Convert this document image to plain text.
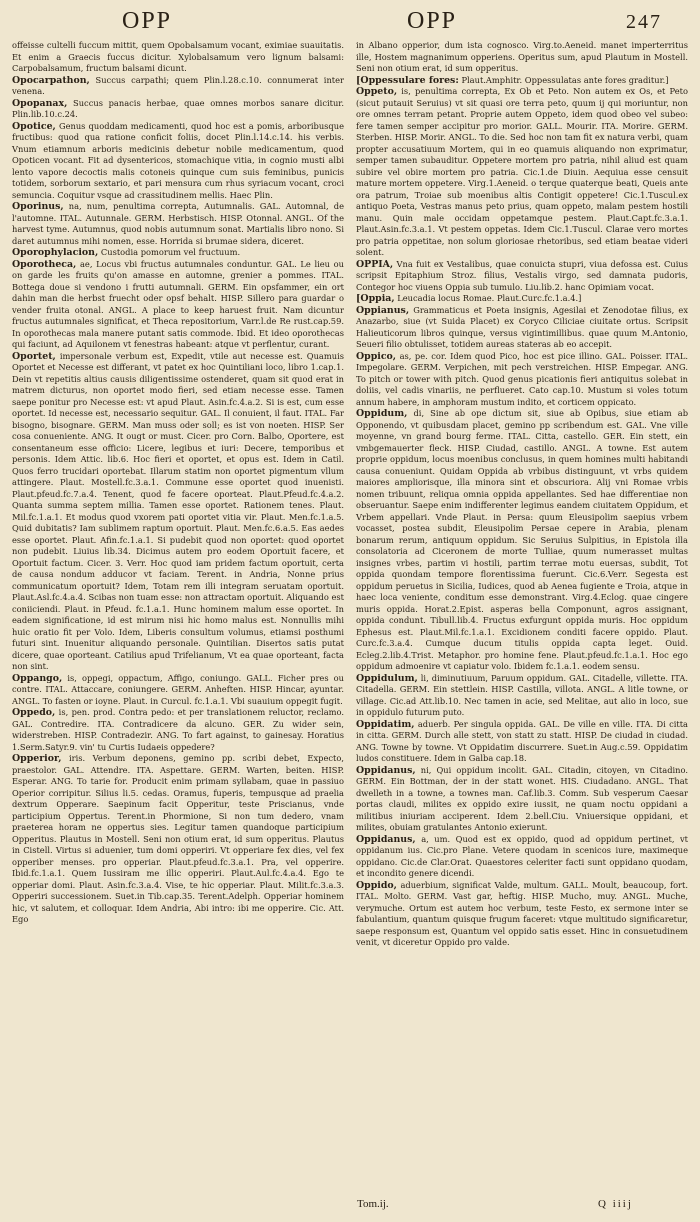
OPP	OPP	247

offeisse cultelli fuccum mittit, quem Opobalsamum vocant, eximiae suauitatis. Et enim a Graecis fuccus dicitur. Xylobalsamum vero lignum balsami: Carpobalsamum, fructum balsami dicunt.

Opocarpathon, Succus carpathi; quem Plin.l.28.c.10. connumerat inter venena.

Opopanax, Succus panacis herbae, quae omnes morbos sanare dicitur. Plin.lib.10.c.24.

Opotice, Genus quoddam medicamenti, quod hoc est a pomis, arboribusque fructibus: quod qua ratione conficit foliis, docet Plin.l.14.c.14. his verbis. Vnum etiamnum arboris medicinis debetur nobile medicamentum, quod Opoticen vocant. Fit ad dysentericos, stomachique vitia, in cognio musti albi lento vapore decoctis malis cotoneis quinque cum suis feminibus, punicis totidem, sorborum sextario, et pari mensura cum rhus syriacum vocant, croci semuncia. Coquitur vsque ad crassitudinem mellis. Haec Plin.

Oporinus, na, num, penultima correpta, Autumnalis. GAL. Automnal, de l'automne. ITAL. Autunnale. GERM. Herbstisch. HISP. Otonnal. ANGL. Of the harvest tyme. Autumnus, quod nobis autumnum sonat. Martialis libro nono. Si daret autumnus mihi nomen, esse. Horrida si brumae sidera, diceret.

Oporophylacion, Custodia pomorum vel fructuum.

Oporotheca, ae, Locus vbi fructus autumnales conduntur. GAL. Le lieu ou on garde les fruits qu'on amasse en automne, grenier a pommes. ITAL. Bottega doue si vendono i frutti autumnali. GERM. Ein opsfammer, ein ort dahin man die herbst fruecht oder opsf behalt. HISP. Sillero para guardar o vender fruita otonal. ANGL. A place to keep haruest fruit. Nam dicuntur fructus autumnales significat, et Theca repositorium, Varr.l.de Re rust.cap.59. In oporothecas mala manere putant satis commode. Ibid. Et ideo oporothecas qui faciunt, ad Aquilonem vt fenestras habeant: atque vt perflentur, curant.

Oportet, impersonale verbum est, Expedit, vtile aut necesse est. Quamuis Oportet et Necesse est differant, vt patet ex hoc Quintiliani loco, libro 1.cap.1. Dein vt repetitis altius causis diligentissime ostenderet, quam sit quod erat in matrem dicturus, non oportet modo fieri, sed etiam necesse esse. Tamen saepe ponitur pro Necesse est: vt apud Plaut. Asin.fc.4.a.2. Si is est, cum esse oportet. Id necesse est, necessario sequitur. GAL. Il conuient, il faut. ITAL. Far bisogno, bisognare. GERM. Man muss oder soll; es ist von noeten. HISP. Ser cosa conueniente. ANG. It ougt or must. Cicer. pro Corn. Balbo, Oportere, est consentaneum esse officio: Licere, legibus et iuri: Decere, temporibus et personis. Idem Attic. lib.6. Hoc fieri et oportet, et opus est. Idem in Catil. Quos ferro trucidari oportebat. Illarum statim non oportet pigmentum vllum attingere. Plaut. Mostell.fc.3.a.1. Commune esse oportet quod inuenisti. Plaut.pfeud.fc.7.a.4. Tenent, quod fe facere oporteat. Plaut.Pfeud.fc.4.a.2. Quanta summa septem millia. Tamen esse oportet. Rationem tenes. Plaut. Mil.fc.1.a.1. Et modus quod vxorem pati oportet vitia vir. Plaut. Men.fc.1.a.5. Quid dubitatis? Iam sublimem raptum oportuit. Plaut. Men.fc.6.a.5. Eas aedes esse oportet. Plaut. Afin.fc.1.a.1. Si pudebit quod non oportet: quod oportet non pudebit. Liuius lib.34. Dicimus autem pro eodem Oportuit facere, et Oportuit factum. Cicer. 3. Verr. Hoc quod iam pridem factum oportuit, certa de causa nondum adducor vt faciam. Terent. in Andria, Nonne prius communicatum oportuit? Idem, Totam rem illi integram seruatam oportuit. Plaut.Asl.fc.4.a.4. Scibas non tuam esse: non attractam oportuit. Aliquando est coniiciendi. Plaut. in Pfeud. fc.1.a.1. Hunc hominem malum esse oportet. In eadem significatione, id est mirum nisi hic homo malus est. Nonnullis mihi huic oratio fit per Volo. Idem, Liberis consultum volumus, etiamsi posthumi futuri sint. Inuenitur aliquando personale. Quintilian. Disertos satis putat dicere, quae oporteant. Catilius apud Trifelianum, Vt ea quae oporteant, facta non sint.

Oppango, is, oppegi, oppactum, Affigo, coniungo. GALL. Ficher pres ou contre. ITAL. Attaccare, coniungere. GERM. Anheften. HISP. Hincar, ayuntar. ANGL. To fasten or ioyne. Plaut. in Curcul. fc.1.a.1. Vbi suauium oppegit fugit.

Oppedo, is, pen. prod. Contra pedo: et per translationem reluctor, reclamo. GAL. Contredire. ITA. Contradicere da alcuno. GER. Zu wider sein, widerstreben. HISP. Contradezir. ANG. To fart against, to gainesay. Horatius 1.Serm.Satyr.9. vin' tu Curtis Iudaeis oppedere?

Opperior, iris. Verbum deponens, gemino pp. scribi debet, Expecto, praestolor. GAL. Attendre. ITA. Aspettare. GERM. Warten, beiten. HISP. Esperar. ANG. To tarie for. Producit enim primam syllabam, quae in passiuo Operior corripitur. Silius li.5. cedas. Oramus, fuperis, tempusque ad praelia dextrum Opperare. Saepinum facit Opperitur, teste Priscianus, vnde participium Oppertus. Terent.in Phormione, Si non tum dedero, vnam praeterea horam ne oppertus sies. Legitur tamen quandoque participium Opperitus. Plautus in Mostell. Seni non otium erat, id sum opperitus. Plautus in Cistell. Virtus si aduenier, tum domi opperiri. Vt opperiare fex dies, vel fex opperiber menses. pro opperiar. Plaut.pfeud.fc.3.a.1. Pra, vel opperire. Ibid.fc.1.a.1. Quem Iussiram me illic opperiri. Plaut.Aul.fc.4.a.4. Ego te opperiar domi. Plaut. Asin.fc.3.a.4. Vise, te hic opperiar. Plaut. Milit.fc.3.a.3. Opperiri successionem. Suet.in Tib.cap.35. Terent.Adelph. Opperiar hominem hic, vt salutem, et colloquar. Idem Andria, Abi intro: ibi me opperire. Cic. Att. Ego

in Albano opperior, dum ista cognosco. Virg.to.Aeneid. manet imperterritus ille, Hostem magnanimum opperiens. Operitus sum, apud Plautum in Mostell. Seni non otium erat, id sum opperitus.

[Oppessulare fores: Plaut.Amphitr. Oppessulatas ante fores graditur.]

Oppeto, is, penultima correpta, Ex Ob et Peto. Non autem ex Os, et Peto (sicut putauit Seruius) vt sit quasi ore terra peto, quum ij qui moriuntur, non ore omnes terram petant. Proprie autem Oppeto, idem quod obeo vel subeo: fere tamen semper accipitur pro morior. GALL. Mourir. ITA. Morire. GERM. Sterben. HISP. Morir. ANGL. To die. Sed hoc non tam fit ex natura verbi, quam propter accusatiuum Mortem, qui in eo quamuis aliquando non exprimatur, semper tamen subauditur. Oppetere mortem pro patria, nihil aliud est quam subire vel obire mortem pro patria. Cic.1.de Diuin. Aequiua esse censuit mature mortem oppetere. Virg.1.Aeneid. o terque quaterque beati, Queis ante ora patrum, Troiae sub moenibus altis Contigit oppetere! Cic.1.Tuscul.ex antiquo Poeta, Vestras manus peto prius, quam oppeto, malam pestem hostili manu. Quin male occidam oppetamque pestem. Plaut.Capt.fc.3.a.1. Plaut.Asin.fc.3.a.1. Vt pestem oppetas. Idem Cic.1.Tuscul. Clarae vero mortes pro patria oppetitae, non solum gloriosae rhetoribus, sed etiam beatae videri solent.

OPPIA, Vna fuit ex Vestalibus, quae conuicta stupri, viua defossa est. Cuius scripsit Epitaphium Stroz. filius, Vestalis virgo, sed damnata pudoris, Contegor hoc viuens Oppia sub tumulo. Liu.lib.2. hanc Opimiam vocat.

[Oppia, Leucadia locus Romae. Plaut.Curc.fc.1.a.4.]

Oppianus, Grammaticus et Poeta insignis, Agesilai et Zenodotae filius, ex Anazarbo, siue (vt Suida Placet) ex Coryco Ciliciae ciuitate ortus. Scripsit Halieuticorum libros quinque, versus vigintimillibus. quae quum M.Antonio, Seueri filio obtulisset, totidem aureas stateras ab eo accepit.

Oppico, as, pe. cor. Idem quod Pico, hoc est pice illino. GAL. Poisser. ITAL. Impegolare. GERM. Verpichen, mit pech verstreichen. HISP. Empegar. ANG. To pitch or tower with pitch. Quod genus picationis fieri antiquitus solebat in doliis, vel cadis vinariis, ne perflueret. Cato cap.10. Mustum si voles totum annum habere, in amphoram mustum indito, et corticem oppicato.

Oppidum, di, Sine ab ope dictum sit, siue ab Opibus, siue etiam ab Opponendo, vt quibusdam placet, gemino pp scribendum est. GAL. Vne ville moyenne, vn grand bourg ferme. ITAL. Citta, castello. GER. Ein stett, ein vmbgemauerter fleck. HISP. Ciudad, castillo. ANGL. A towne. Est autem proprie oppidum, locus moenibus conclusus, in quem homines multi habitandi causa conueniunt. Quidam Oppida ab vrbibus distinguunt, vt vrbs quidem maiores ampliorisque, illa minora sint et obscuriora. Alij vni Romae vrbis nomen tribuunt, reliqua omnia oppida appellantes. Sed hae differentiae non obseruantur. Saepe enim indifferenter legimus eandem ciuitatem Oppidum, et Vrbem appellari. Vnde Plaut. in Persa: quum Eleusipolim saepius vrbem vocasset, postea subdit, Eleusipolim Persae cepere in Arabia, plenam bonarum rerum, antiquum oppidum. Sic Seruius Sulpitius, in Epistola illa consolatoria ad Ciceronem de morte Tulliae, quum numerasset multas insignes vrbes, partim vi hostili, partim terrae motu euersas, subdit, Tot oppida quondam tempore florentissima fuerunt. Cic.6.Verr. Segesta est oppidum peruetus in Sicilia, Iudices, quod ab Aenea fugiente e Troia, atque in haec loca veniente, conditum esse demonstrant. Virg.4.Eclog. quae cingere muris oppida. Horat.2.Epist. asperas bella Componunt, agros assignant, oppida condunt. Tibull.lib.4. Fructus exfurgunt oppida muris. Hoc oppidum Ephesus est. Plaut.Mil.fc.1.a.1. Excidionem conditi facere oppido. Plaut. Curc.fc.3.a.4. Cumque ducum titulis oppida capta leget. Ouid. Ecleg.2.lib.4.Trist. Metaphor. pro homine fene. Plaut.pfeud.fc.1.a.1. Hoc ego oppidum admoenire vt capiatur volo. Ibidem fc.1.a.1. eodem sensu.

Oppidulum, li, diminutiuum, Paruum oppidum. GAL. Citadelle, villette. ITA. Citadella. GERM. Ein stettlein. HISP. Castilla, villota. ANGL. A litle towne, or village. Cic.ad Att.lib.10. Nec tamen in acie, sed Melitae, aut alio in loco, sue in oppidulo futurum puto.

Oppidatim, aduerb. Per singula oppida. GAL. De ville en ville. ITA. Di citta in citta. GERM. Durch alle stett, von statt zu statt. HISP. De ciudad in ciudad. ANG. Towne by towne. Vt Oppidatim discurrere. Suet.in Aug.c.59. Oppidatim ludos constituere. Idem in Galba cap.18.

Oppidanus, ni, Qui oppidum incolit. GAL. Citadin, citoyen, vn Citadino. GERM. Ein Bottman, der in der statt wonet. HIS. Ciudadano. ANGL. That dwelleth in a towne, a townes man. Caf.lib.3. Comm. Sub vesperum Caesar portas claudi, milites ex oppido exire iussit, ne quam noctu oppidani a militibus iniuriam acciperent. Idem 2.bell.Ciu. Vniuersique oppidani, et milites, obuiam gratulantes Antonio exierunt.

Oppidanus, a, um. Quod est ex oppido, quod ad oppidum pertinet, vt oppidanum ius. Cic.pro Plane. Vetere quodam in scenicos iure, maximeque oppidano. Cic.de Clar.Orat. Quaestores celeriter facti sunt oppidano quodam, et incondito genere dicendi.

Oppido, aduerbium, significat Valde, multum. GALL. Moult, beaucoup, fort. ITAL. Molto. GERM. Vast gar, heftig. HISP. Mucho, muy. ANGL. Muche, verymuche. Ortum est autem hoc verbum, teste Festo, ex sermone inter se fabulantium, quantum quisque frugum faceret: vtque multitudo significaretur, saepe responsum est, Quantum vel oppido satis esset. Hinc in consuetudinem venit, vt diceretur Oppido pro valde.

Tom.ij.	Q iiij
